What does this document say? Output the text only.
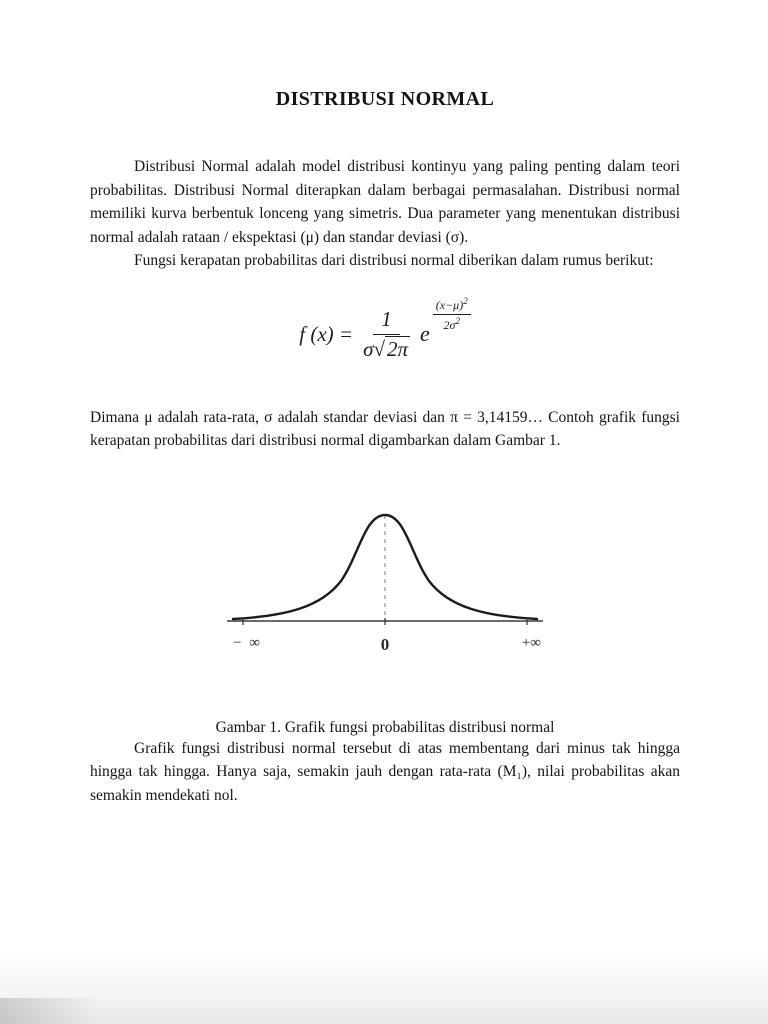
DISTRIBUSI NORMAL

Distribusi Normal adalah model distribusi kontinyu yang paling penting dalam teori probabilitas. Distribusi Normal diterapkan dalam berbagai permasalahan. Distribusi normal memiliki kurva berbentuk lonceng yang simetris. Dua parameter yang menentukan distribusi normal adalah rataan / ekspektasi (μ) dan standar deviasi (σ).

Fungsi kerapatan probabilitas dari distribusi normal diberikan dalam rumus berikut:

f $(x) = \frac{1}{\sigma√2\pi}$ e
$\frac{(x-\mu)^2}{2\sigma^2}$

Dimana μ adalah rata-rata, σ adalah standar deviasi dan π = 3,14159… Contoh grafik fungsi kerapatan probabilitas dari distribusi normal digambarkan dalam Gambar 1.

− ∞	0	+∞

Gambar 1. Grafik fungsi probabilitas distribusi normal

Grafik fungsi distribusi normal tersebut di atas membentang dari minus tak hingga hingga tak hingga. Hanya saja, semakin jauh dengan rata-rata (M₁), nilai probabilitas akan semakin mendekati nol.
